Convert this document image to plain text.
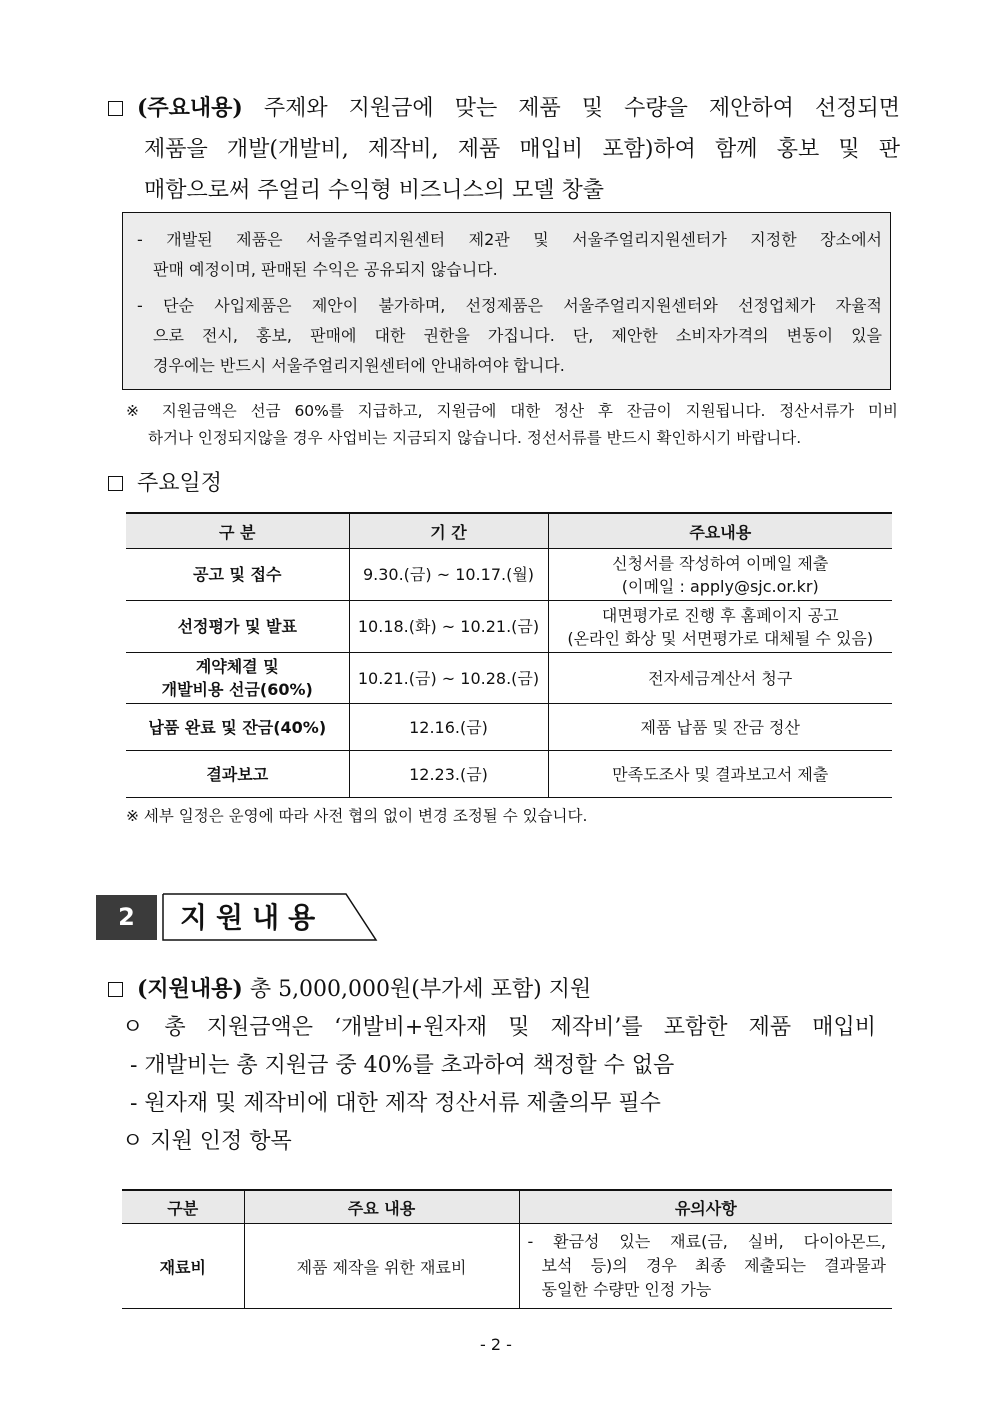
(주요내용) 주제와 지원금에 맞는 제품 및 수량을 제안하여 선정되면
제품을 개발(개발비, 제작비, 제품 매입비 포함)하여 함께 홍보 및 판
매함으로써 주얼리 수익형 비즈니스의 모델 창출
- 개발된 제품은 서울주얼리지원센터 제2관 및 서울주얼리지원센터가 지정한 장소에서
판매 예정이며, 판매된 수익은 공유되지 않습니다.
- 단순 사입제품은 제안이 불가하며, 선정제품은 서울주얼리지원센터와 선정업체가 자율적
으로 전시, 홍보, 판매에 대한 권한을 가집니다. 단, 제안한 소비자가격의 변동이 있을
경우에는 반드시 서울주얼리지원센터에 안내하여야 합니다.
※ 지원금액은 선금 60%를 지급하고, 지원금에 대한 정산 후 잔금이 지원됩니다. 정산서류가 미비
하거나 인정되지않을 경우 사업비는 지금되지 않습니다. 정선서류를 반드시 확인하시기 바랍니다.
주요일정
구 분	기 간	주요내용
공고 및 접수	9.30.(금) ~ 10.17.(월)	신청서를 작성하여 이메일 제출
(이메일 : apply@sjc.or.kr)

선정평가 및 발표	10.18.(화) ~ 10.21.(금)	대면평가로 진행 후 홈페이지 공고
(온라인 화상 및 서면평가로 대체될 수 있음)

계약체결 및
개발비용 선금(60%)	10.21.(금) ~ 10.28.(금)	전자세금계산서 청구
납품 완료 및 잔금(40%)	12.16.(금)	제품 납품 및 잔금 정산
결과보고	12.23.(금)	만족도조사 및 결과보고서 제출
※ 세부 일정은 운영에 따라 사전 협의 없이 변경 조정될 수 있습니다.
2	지원내용
(지원내용) 총 5,000,000원(부가세 포함) 지원
ㅇ 총 지원금액은 ‘개발비+원자재 및 제작비’를 포함한 제품 매입비
- 개발비는 총 지원금 중 40%를 초과하여 책정할 수 없음
- 원자재 및 제작비에 대한 제작 정산서류 제출의무 필수
ㅇ 지원 인정 항목
구분	주요 내용	유의사항
재료비	제품 제작을 위한 재료비	- 환금성 있는 재료(금, 실버, 다이아몬드,
보석 등)의 경우 최종 제출되는 결과물과
동일한 수량만 인정 가능
- 2 -
